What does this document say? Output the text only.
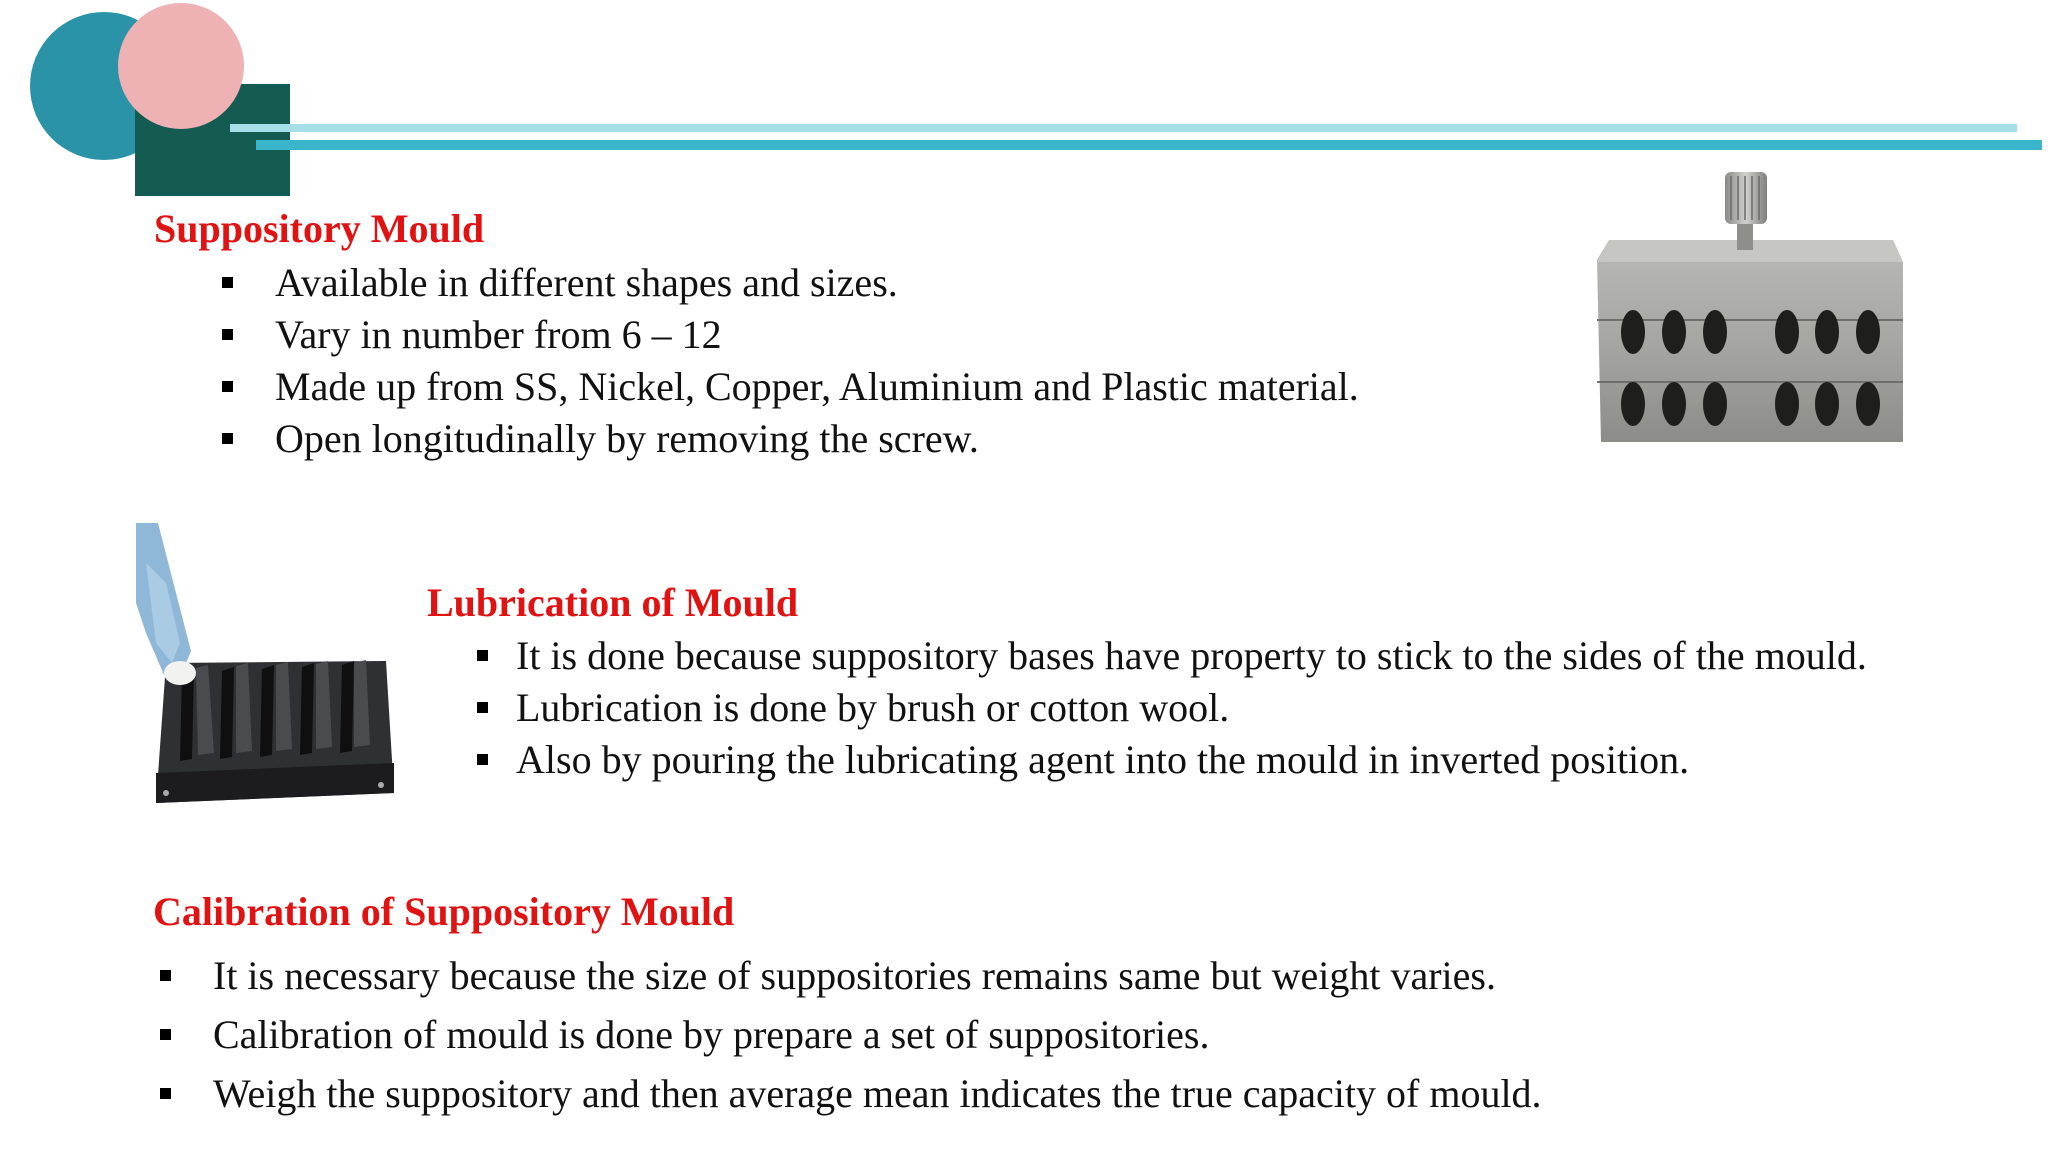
Suppository Mould
Available in different shapes and sizes.
Vary in number from 6 – 12
Made up from SS, Nickel, Copper, Aluminium and Plastic material.
Open longitudinally by removing the screw.
Lubrication of Mould
It is done because suppository bases have property to stick to the sides of the mould.
Lubrication is done by brush or cotton wool.
Also by pouring the lubricating agent into the mould in inverted position.
Calibration of Suppository Mould
It is necessary because the size of suppositories remains same but weight varies.
Calibration of mould is done by prepare a set of suppositories.
Weigh the suppository and then average mean indicates the true capacity of mould.
